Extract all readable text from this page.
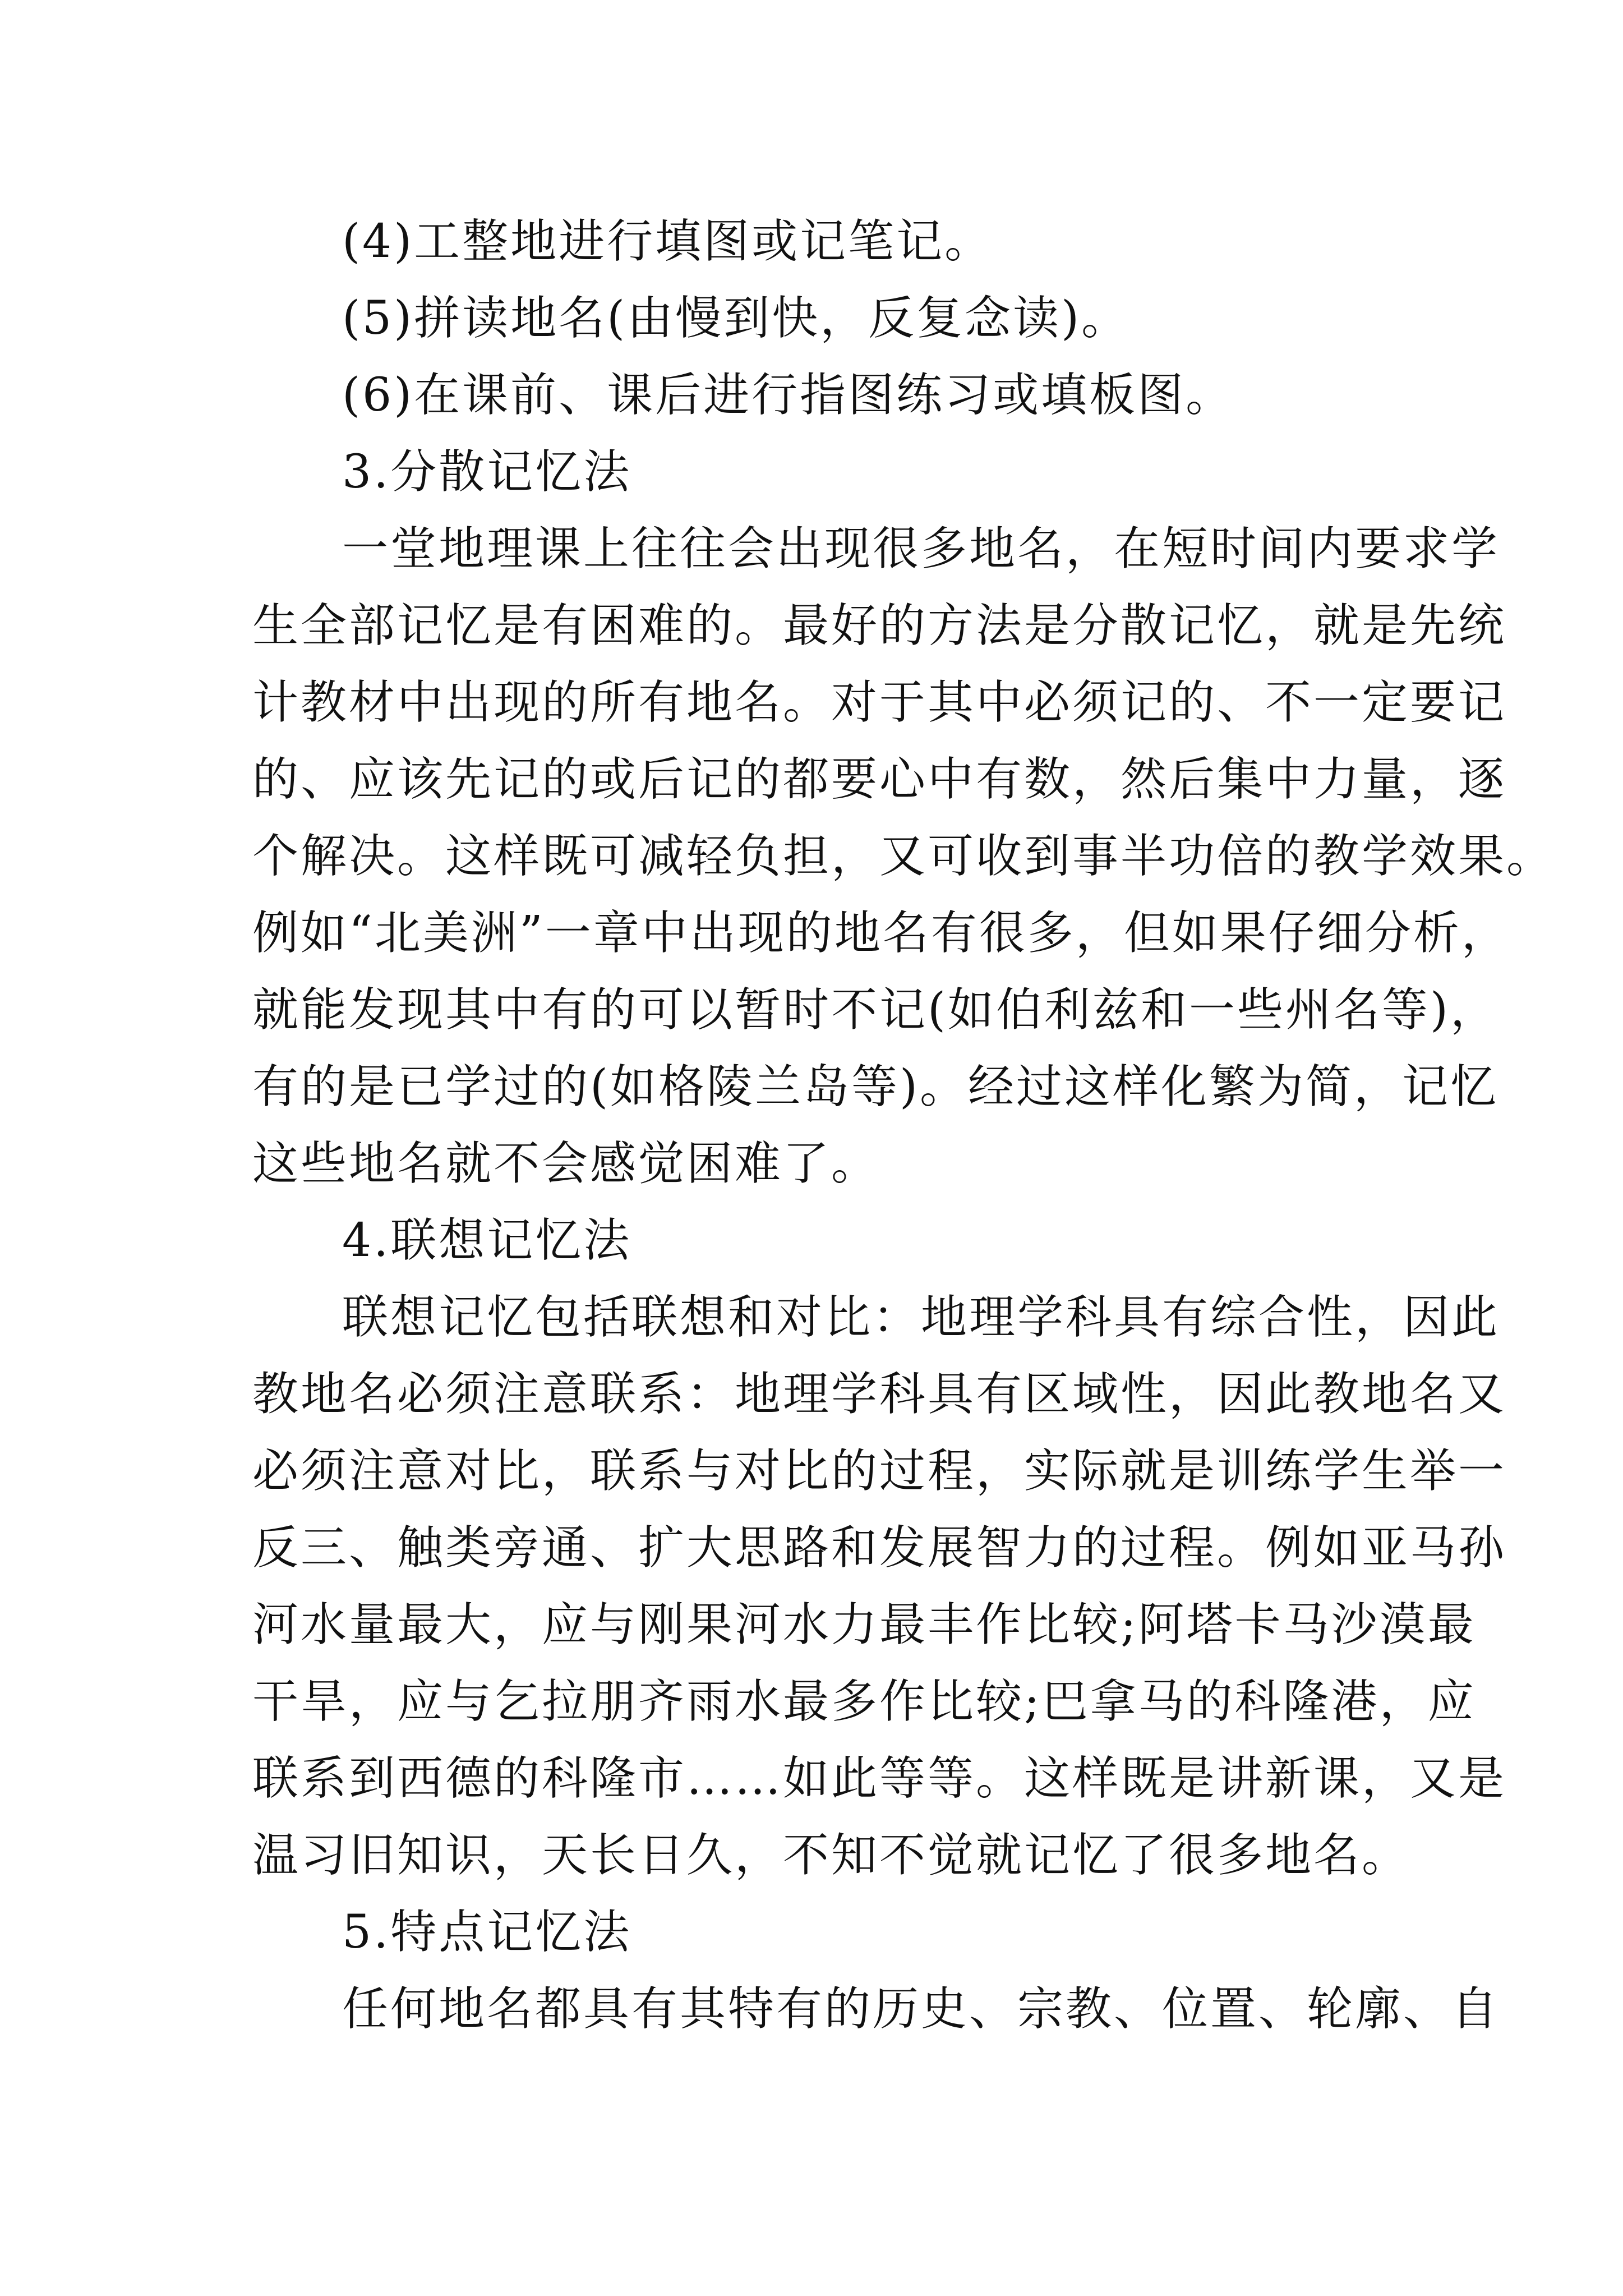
(4)工整地进行填图或记笔记。
(5)拼读地名(由慢到快，反复念读)。
(6)在课前、课后进行指图练习或填板图。
3.分散记忆法
一堂地理课上往往会出现很多地名，在短时间内要求学
生全部记忆是有困难的。最好的方法是分散记忆，就是先统
计教材中出现的所有地名。对于其中必须记的、不一定要记
的、应该先记的或后记的都要心中有数，然后集中力量，逐
个解决。这样既可减轻负担，又可收到事半功倍的教学效果。
例如“北美洲”一章中出现的地名有很多，但如果仔细分析，
就能发现其中有的可以暂时不记(如伯利兹和一些州名等)，
有的是已学过的(如格陵兰岛等)。经过这样化繁为简，记忆
这些地名就不会感觉困难了。
4.联想记忆法
联想记忆包括联想和对比：地理学科具有综合性，因此
教地名必须注意联系：地理学科具有区域性，因此教地名又
必须注意对比，联系与对比的过程，实际就是训练学生举一
反三、触类旁通、扩大思路和发展智力的过程。例如亚马孙
河水量最大，应与刚果河水力最丰作比较;阿塔卡马沙漠最
干旱，应与乞拉朋齐雨水最多作比较;巴拿马的科隆港，应
联系到西德的科隆市……如此等等。这样既是讲新课，又是
温习旧知识，天长日久，不知不觉就记忆了很多地名。
5.特点记忆法
任何地名都具有其特有的历史、宗教、位置、轮廓、自
